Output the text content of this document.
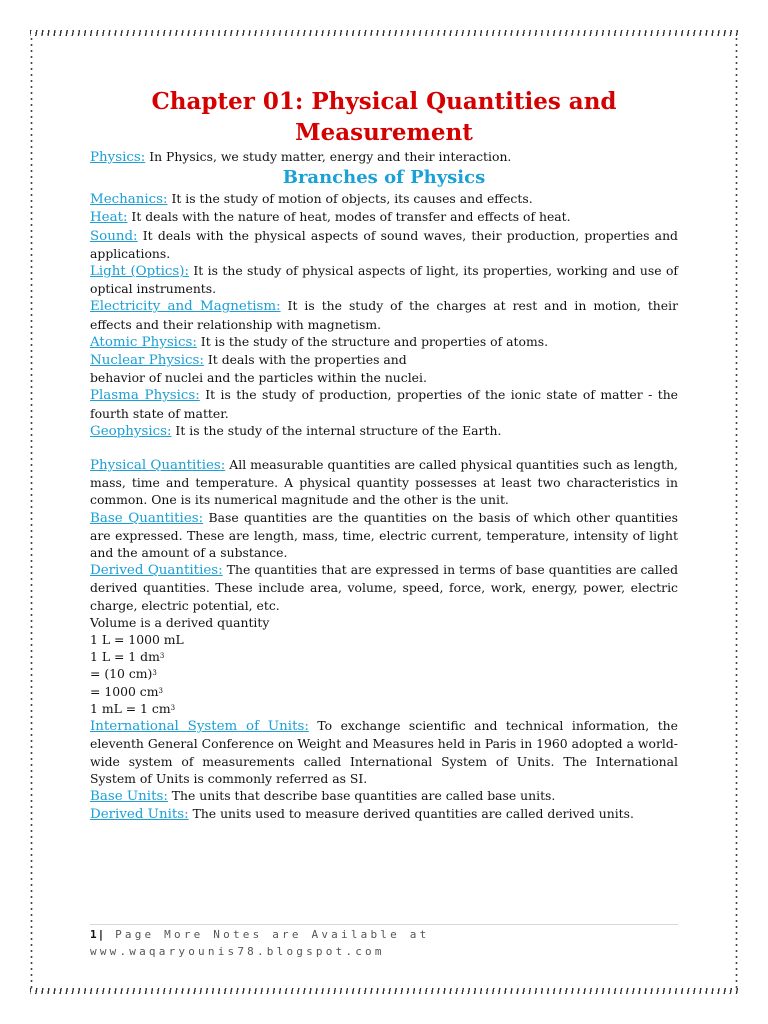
Chapter 01: Physical Quantities and Measurement

Physics: In Physics, we study matter, energy and their interaction.

Branches of Physics

Mechanics: It is the study of motion of objects, its causes and effects.

Heat: It deals with the nature of heat, modes of transfer and effects of heat.

Sound: It deals with the physical aspects of sound waves, their production, properties and applications.

Light (Optics): It is the study of physical aspects of light, its properties, working and use of optical instruments.

Electricity and Magnetism: It is the study of the charges at rest and in motion, their effects and their relationship with magnetism.

Atomic Physics: It is the study of the structure and properties of atoms.

Nuclear Physics: It deals with the properties and behavior of nuclei and the particles within the nuclei.

Plasma Physics: It is the study of production, properties of the ionic state of matter - the fourth state of matter.

Geophysics: It is the study of the internal structure of the Earth.

Physical Quantities: All measurable quantities are called physical quantities such as length, mass, time and temperature. A physical quantity possesses at least two characteristics in common. One is its numerical magnitude and the other is the unit.

Base Quantities: Base quantities are the quantities on the basis of which other quantities are expressed. These are length, mass, time, electric current, temperature, intensity of light and the amount of a substance.

Derived Quantities: The quantities that are expressed in terms of base quantities are called derived quantities. These include area, volume, speed, force, work, energy, power, electric charge, electric potential, etc.

Volume is a derived quantity
1 L = 1000 mL
1 L = 1 $dm^3$
= (10 cm)$^3$
= 1000 $cm^3$
1 mL = 1 $cm^3$

International System of Units: To exchange scientific and technical information, the eleventh General Conference on Weight and Measures held in Paris in 1960 adopted a world-wide system of measurements called International System of Units. The International System of Units is commonly referred as SI.

Base Units: The units that describe base quantities are called base units.

Derived Units: The units used to measure derived quantities are called derived units.

1| Page More Notes are Available at
www.waqaryounis78.blogspot.com
